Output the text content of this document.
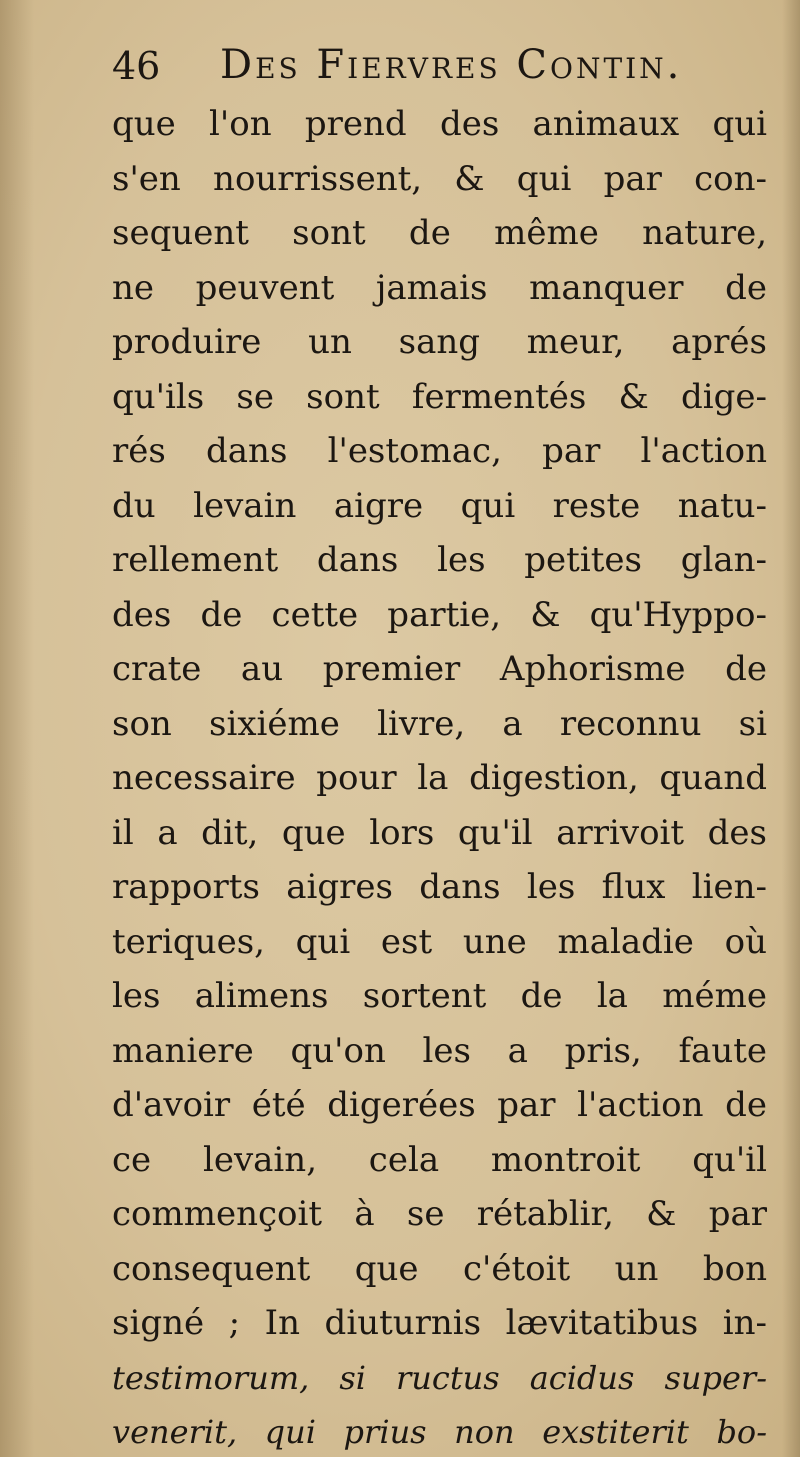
46 Des Fiervres Contin.
que l'on prend des animaux qui
s'en nourrissent, & qui par con-
sequent sont de même nature,
ne peuvent jamais manquer de
produire un sang meur, aprés
qu'ils se sont fermentés & dige-
rés dans l'estomac, par l'action
du levain aigre qui reste natu-
rellement dans les petites glan-
des de cette partie, & qu'Hyppo-
crate au premier Aphorisme de
son sixiéme livre, a reconnu si
necessaire pour la digestion, quand
il a dit, que lors qu'il arrivoit des
rapports aigres dans les flux lien-
teriques, qui est une maladie où
les alimens sortent de la méme
maniere qu'on les a pris, faute
d'avoir été digerées par l'action de
ce levain, cela montroit qu'il
commençoit à se rétablir, & par
consequent que c'étoit un bon
signé ; In diuturnis lævitatibus in-
testimorum, si ructus acidus super-
venerit, qui prius non exstiterit bo-
